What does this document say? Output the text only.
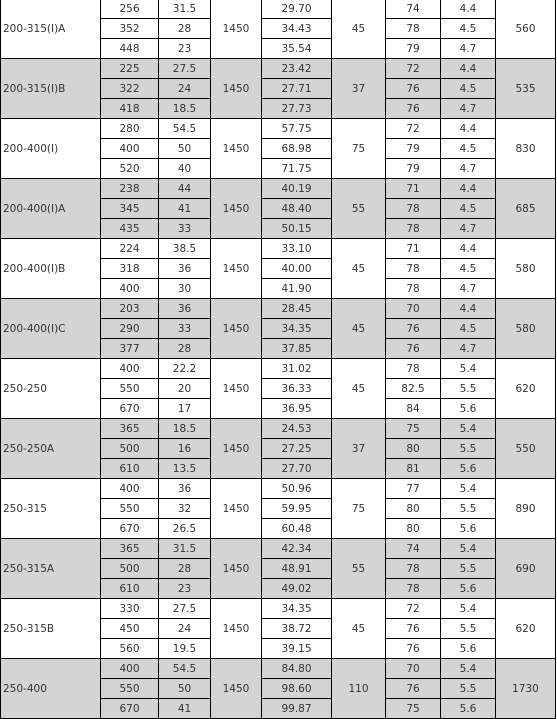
200-315(I)A	256	31.5	1450	29.70	45	74	4.4	560
	352	28		34.43		78	4.5	
	448	23		35.54		79	4.7	
200-315(I)B	225	27.5	1450	23.42	37	72	4.4	535
	322	24		27.71		76	4.5	
	418	18.5		27.73		76	4.7	
200-400(I)	280	54.5	1450	57.75	75	72	4.4	830
	400	50		68.98		79	4.5	
	520	40		71.75		79	4.7	
200-400(I)A	238	44	1450	40.19	55	71	4.4	685
	345	41		48.40		78	4.5	
	435	33		50.15		78	4.7	
200-400(I)B	224	38.5	1450	33.10	45	71	4.4	580
	318	36		40.00		78	4.5	
	400	30		41.90		78	4.7	
200-400(I)C	203	36	1450	28.45	45	70	4.4	580
	290	33		34.35		76	4.5	
	377	28		37.85		76	4.7	
250-250	400	22.2	1450	31.02	45	78	5.4	620
	550	20		36.33		82.5	5.5	
	670	17		36.95		84	5.6	
250-250A	365	18.5	1450	24.53	37	75	5.4	550
	500	16		27.25		80	5.5	
	610	13.5		27.70		81	5.6	
250-315	400	36	1450	50.96	75	77	5.4	890
	550	32		59.95		80	5.5	
	670	26.5		60.48		80	5.6	
250-315A	365	31.5	1450	42.34	55	74	5.4	690
	500	28		48.91		78	5.5	
	610	23		49.02		78	5.6	
250-315B	330	27.5	1450	34.35	45	72	5.4	620
	450	24		38.72		76	5.5	
	560	19.5		39.15		76	5.6	
250-400	400	54.5	1450	84.80	110	70	5.4	1730
	550	50		98.60		76	5.5	
	670	41		99.87		75	5.6	
